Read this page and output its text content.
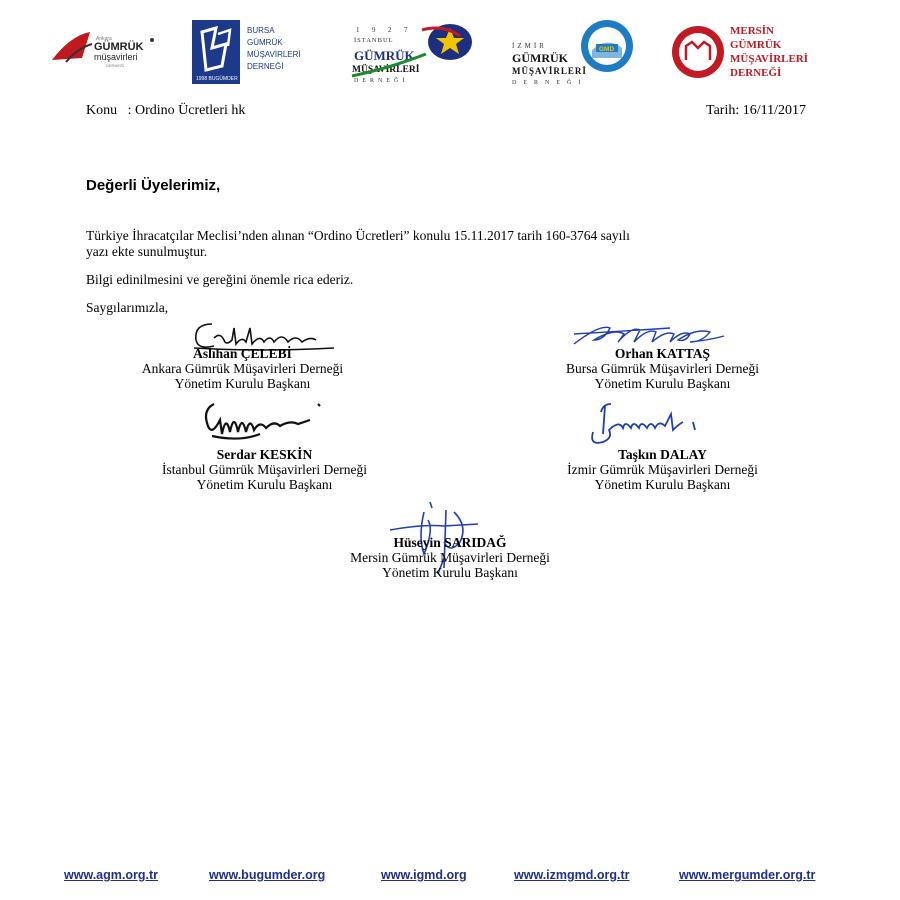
Ankara
GÜMRÜK
müşavirleri
DERNEĞİ
1998 BUGÜMDER
BURSA
GÜMRÜK
MÜŞAVİRLERİ
DERNEĞİ
1 9 2 7
İSTANBUL
GÜMRÜK
MÜŞAVİRLERİ
DERNEĞİ
İZMİR	GMD
GÜMRÜK
MÜŞAVİRLERİ
DERNEĞİ
MERSİN
GÜMRÜK
MÜŞAVİRLERİ
DERNEĞİ
Konu : Ordino Ücretleri hk	Tarih: 16/11/2017
Değerli Üyelerimiz,
Türkiye İhracatçılar Meclisi’nden alınan “Ordino Ücretleri” konulu 15.11.2017 tarih 160-3764 sayılı
yazı ekte sunulmuştur.
Bilgi edinilmesini ve gereğini önemle rica ederiz.
Saygılarımızla,
Aslıhan ÇELEBİ
Ankara Gümrük Müşavirleri Derneği
Yönetim Kurulu Başkanı
Orhan KATTAŞ
Bursa Gümrük Müşavirleri Derneği
Yönetim Kurulu Başkanı
Serdar KESKİN
İstanbul Gümrük Müşavirleri Derneği
Yönetim Kurulu Başkanı
Taşkın DALAY
İzmir Gümrük Müşavirleri Derneği
Yönetim Kurulu Başkanı
Hüseyin SARIDAĞ
Mersin Gümrük Müşavirleri Derneği
Yönetim Kurulu Başkanı
www.agm.org.tr	www.bugumder.org	www.igmd.org	www.izmgmd.org.tr	www.mergumder.org.tr
